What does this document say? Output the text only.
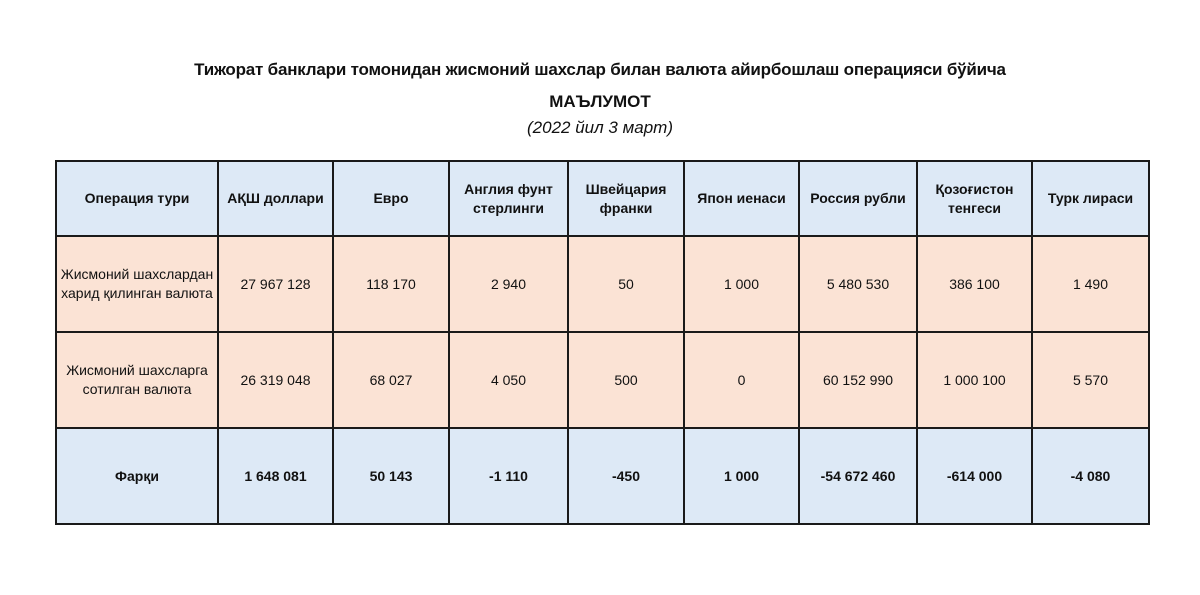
Тижорат банклари томонидан жисмоний шахслар билан валюта айирбошлаш операцияси бўйича
МАЪЛУМОТ
(2022 йил 3 март)
Операция тури	АҚШ доллари	Евро	Англия фунт стерлинги	Швейцария франки	Япон иенаси	Россия рубли	Қозоғистон тенгеси	Турк лираси
Жисмоний шахслардан харид қилинган валюта	27 967 128	118 170	2 940	50	1 000	5 480 530	386 100	1 490
Жисмоний шахсларга сотилган валюта	26 319 048	68 027	4 050	500	0	60 152 990	1 000 100	5 570
Фарқи	1 648 081	50 143	-1 110	-450	1 000	-54 672 460	-614 000	-4 080
